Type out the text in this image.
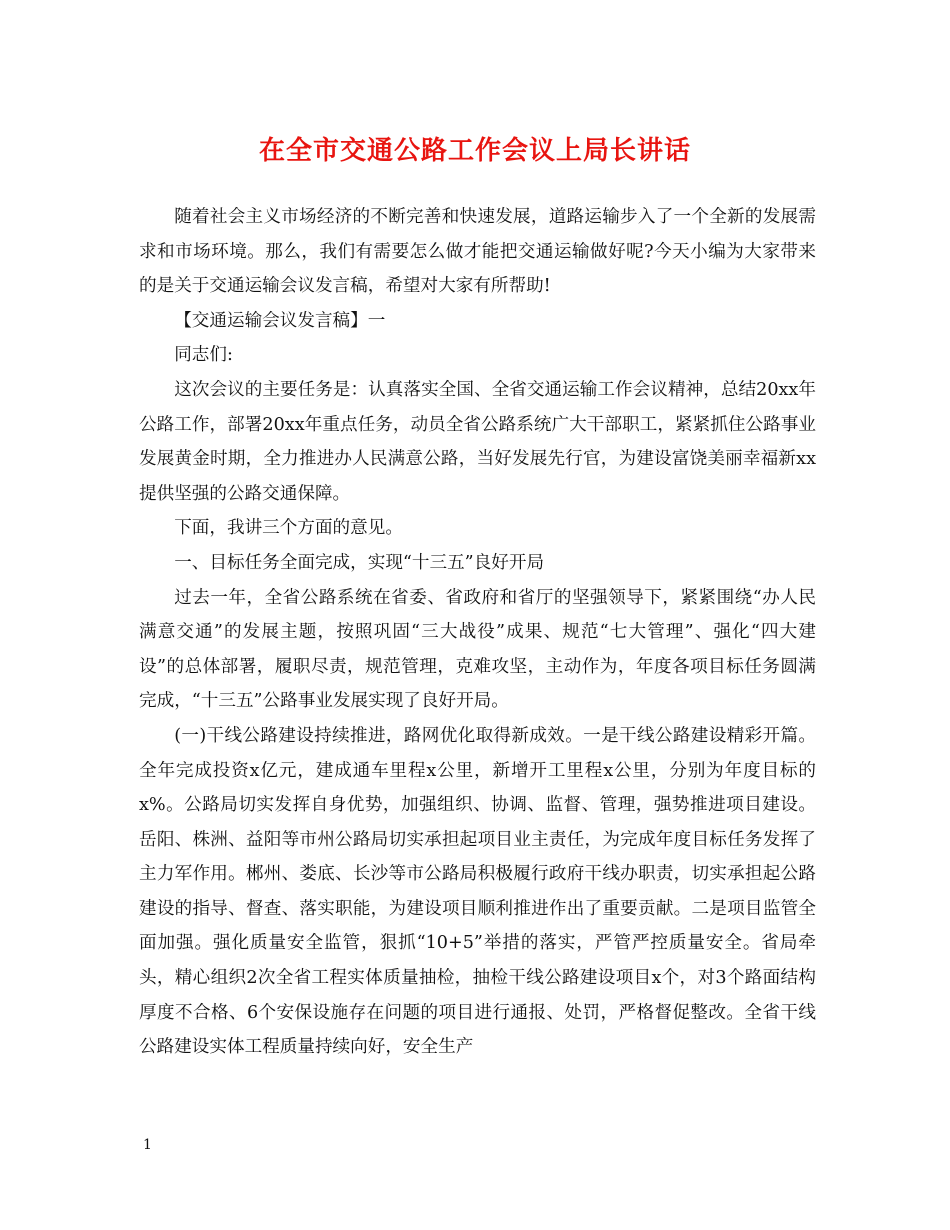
在全市交通公路工作会议上局长讲话

随着社会主义市场经济的不断完善和快速发展，道路运输步入了一个全新的发展需求和市场环境。那么，我们有需要怎么做才能把交通运输做好呢?今天小编为大家带来的是关于交通运输会议发言稿，希望对大家有所帮助!

【交通运输会议发言稿】一

同志们:

这次会议的主要任务是：认真落实全国、全省交通运输工作会议精神，总结20xx年公路工作，部署20xx年重点任务，动员全省公路系统广大干部职工，紧紧抓住公路事业发展黄金时期，全力推进办人民满意公路，当好发展先行官，为建设富饶美丽幸福新xx提供坚强的公路交通保障。

下面，我讲三个方面的意见。

一、目标任务全面完成，实现“十三五”良好开局

过去一年，全省公路系统在省委、省政府和省厅的坚强领导下，紧紧围绕“办人民满意交通”的发展主题，按照巩固“三大战役”成果、规范“七大管理”、强化“四大建设”的总体部署，履职尽责，规范管理，克难攻坚，主动作为，年度各项目标任务圆满完成，“十三五”公路事业发展实现了良好开局。

(一)干线公路建设持续推进，路网优化取得新成效。一是干线公路建设精彩开篇。全年完成投资x亿元，建成通车里程x公里，新增开工里程x公里，分别为年度目标的x%。公路局切实发挥自身优势，加强组织、协调、监督、管理，强势推进项目建设。岳阳、株洲、益阳等市州公路局切实承担起项目业主责任，为完成年度目标任务发挥了主力军作用。郴州、娄底、长沙等市公路局积极履行政府干线办职责，切实承担起公路建设的指导、督查、落实职能，为建设项目顺利推进作出了重要贡献。二是项目监管全面加强。强化质量安全监管，狠抓“10+5”举措的落实，严管严控质量安全。省局牵头，精心组织2次全省工程实体质量抽检，抽检干线公路建设项目x个，对3个路面结构厚度不合格、6个安保设施存在问题的项目进行通报、处罚，严格督促整改。全省干线公路建设实体工程质量持续向好，安全生产

1
